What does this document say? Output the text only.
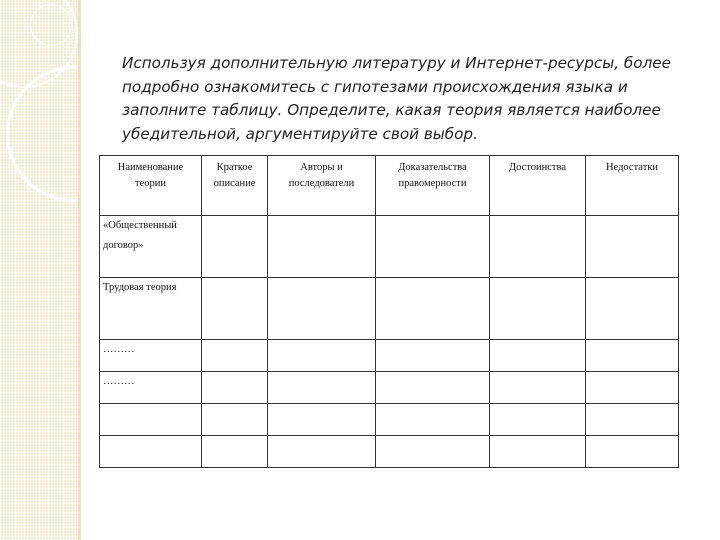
Используя дополнительную литературу и Интернет-ресурсы, более подробно ознакомитесь с гипотезами происхождения языка и заполните таблицу. Определите, какая теория является наиболее убедительной, аргументируйте свой выбор.

Наименование теории	Краткое описание	Авторы и последователи	Доказательства правомерности	Достоинства	Недостатки
«Общественный договор»					
Трудовая теория					
………					
………					
